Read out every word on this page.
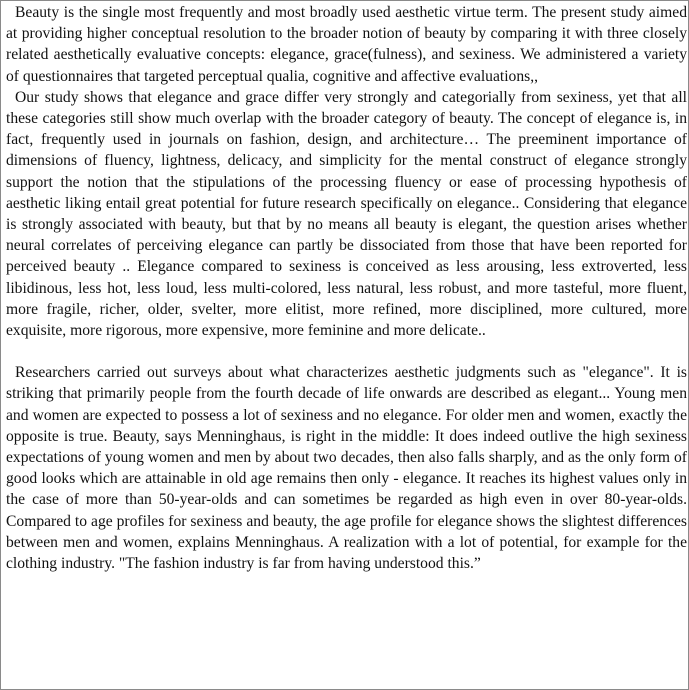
Beauty is the single most frequently and most broadly used aesthetic virtue term. The present study aimed at providing higher conceptual resolution to the broader notion of beauty by comparing it with three closely related aesthetically evaluative concepts: elegance, grace(fulness), and sexiness. We administered a variety of questionnaires that targeted perceptual qualia, cognitive and affective evaluations,,

Our study shows that elegance and grace differ very strongly and categorially from sexiness, yet that all these categories still show much overlap with the broader category of beauty. The concept of elegance is, in fact, frequently used in journals on fashion, design, and architecture… The preeminent importance of dimensions of fluency, lightness, delicacy, and simplicity for the mental construct of elegance strongly support the notion that the stipulations of the processing fluency or ease of processing hypothesis of aesthetic liking entail great potential for future research specifically on elegance.. Considering that elegance is strongly associated with beauty, but that by no means all beauty is elegant, the question arises whether neural correlates of perceiving elegance can partly be dissociated from those that have been reported for perceived beauty .. Elegance compared to sexiness is conceived as less arousing, less extroverted, less libidinous, less hot, less loud, less multi-colored, less natural, less robust, and more tasteful, more fluent, more fragile, richer, older, svelter, more elitist, more refined, more disciplined, more cultured, more exquisite, more rigorous, more expensive, more feminine and more delicate..

Researchers carried out surveys about what characterizes aesthetic judgments such as "elegance". It is striking that primarily people from the fourth decade of life onwards are described as elegant... Young men and women are expected to possess a lot of sexiness and no elegance. For older men and women, exactly the opposite is true. Beauty, says Menninghaus, is right in the middle: It does indeed outlive the high sexiness expectations of young women and men by about two decades, then also falls sharply, and as the only form of good looks which are attainable in old age remains then only - elegance. It reaches its highest values only in the case of more than 50-year-olds and can sometimes be regarded as high even in over 80-year-olds. Compared to age profiles for sexiness and beauty, the age profile for elegance shows the slightest differences between men and women, explains Menninghaus. A realization with a lot of potential, for example for the clothing industry. "The fashion industry is far from having understood this.”
